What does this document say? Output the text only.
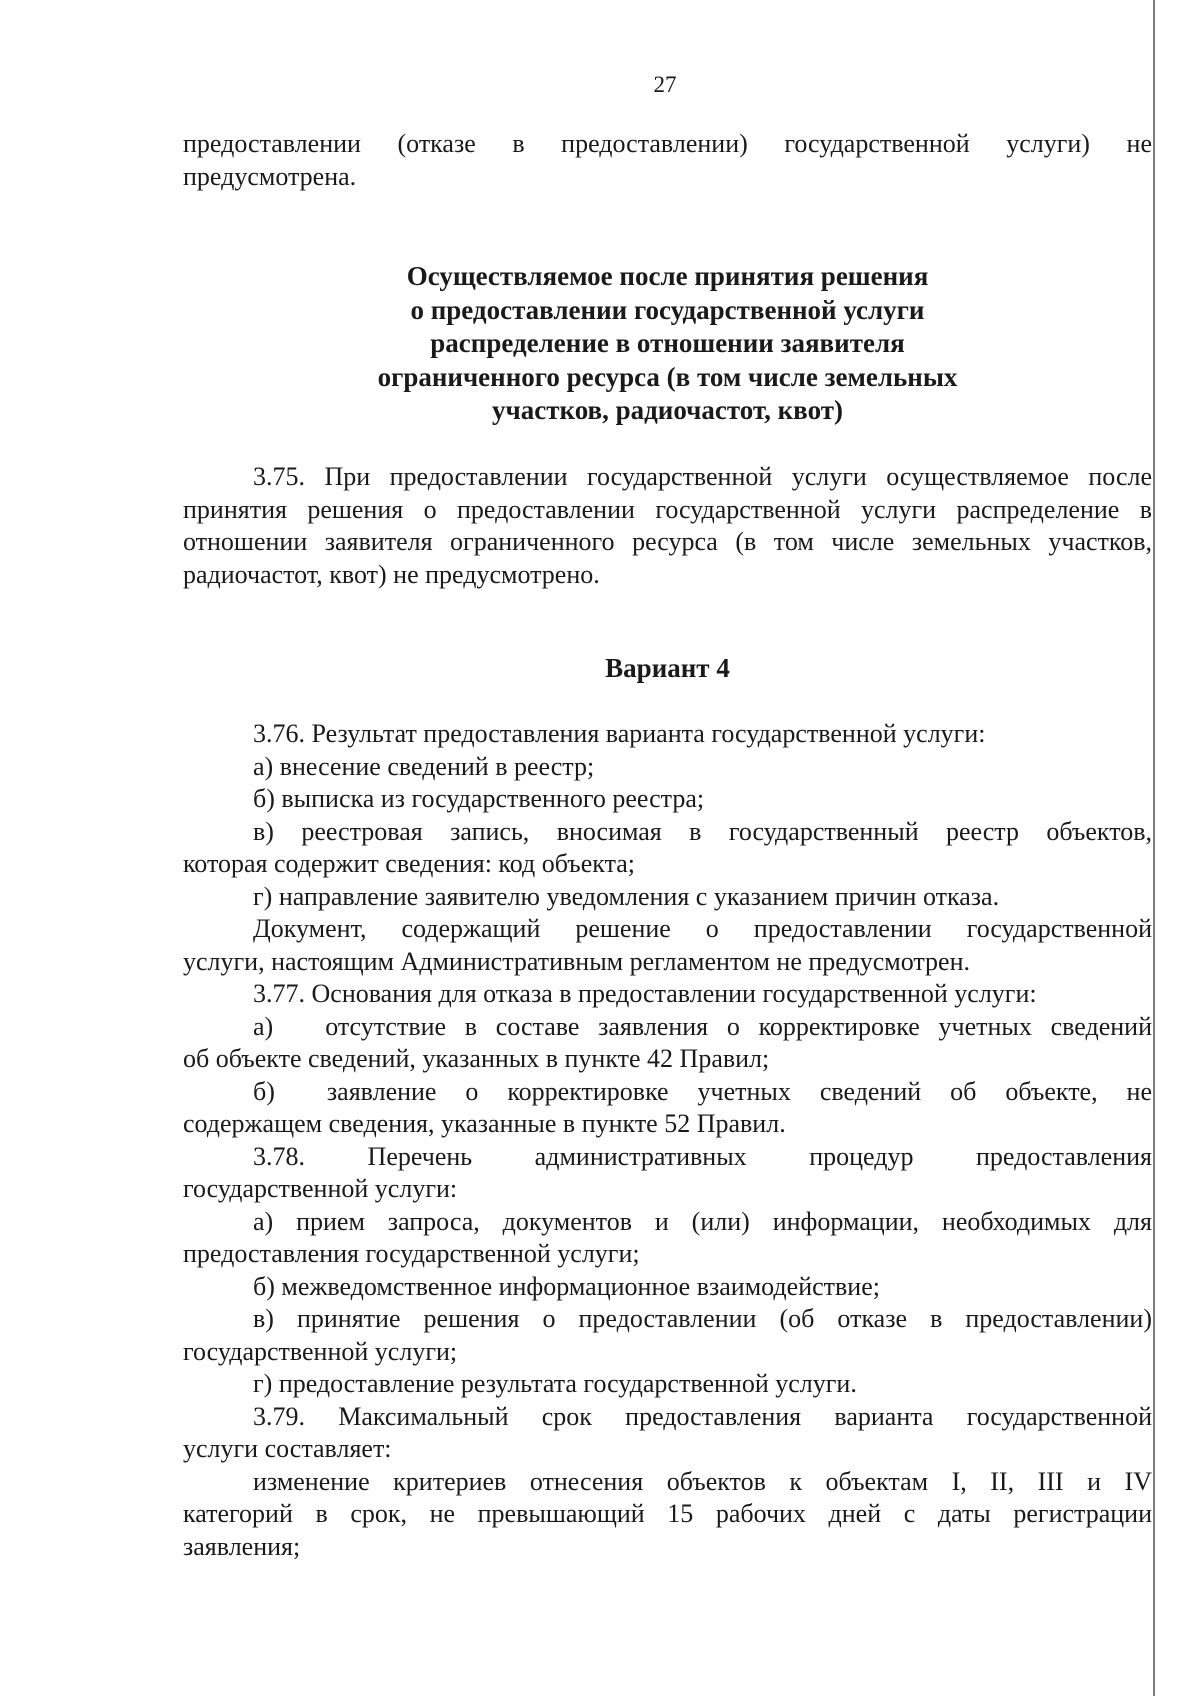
27
предоставлении (отказе в предоставлении) государственной услуги) не
предусмотрена.
Осуществляемое после принятия решения
о предоставлении государственной услуги
распределение в отношении заявителя
ограниченного ресурса (в том числе земельных
участков, радиочастот, квот)
3.75. При предоставлении государственной услуги осуществляемое после
принятия решения о предоставлении государственной услуги распределение в
отношении заявителя ограниченного ресурса (в том числе земельных участков,
радиочастот, квот) не предусмотрено.
Вариант 4
3.76. Результат предоставления варианта государственной услуги:
а) внесение сведений в реестр;
б) выписка из государственного реестра;
в) реестровая запись, вносимая в государственный реестр объектов,
которая содержит сведения: код объекта;
г) направление заявителю уведомления с указанием причин отказа.
Документ, содержащий решение о предоставлении государственной
услуги, настоящим Административным регламентом не предусмотрен.
3.77. Основания для отказа в предоставлении государственной услуги:
а) отсутствие в составе заявления о корректировке учетных сведений
об объекте сведений, указанных в пункте 42 Правил;
б) заявление о корректировке учетных сведений об объекте, не
содержащем сведения, указанные в пункте 52 Правил.
3.78. Перечень административных процедур предоставления
государственной услуги:
а) прием запроса, документов и (или) информации, необходимых для
предоставления государственной услуги;
б) межведомственное информационное взаимодействие;
в) принятие решения о предоставлении (об отказе в предоставлении)
государственной услуги;
г) предоставление результата государственной услуги.
3.79. Максимальный срок предоставления варианта государственной
услуги составляет:
изменение критериев отнесения объектов к объектам I, II, III и IV
категорий в срок, не превышающий 15 рабочих дней с даты регистрации
заявления;
